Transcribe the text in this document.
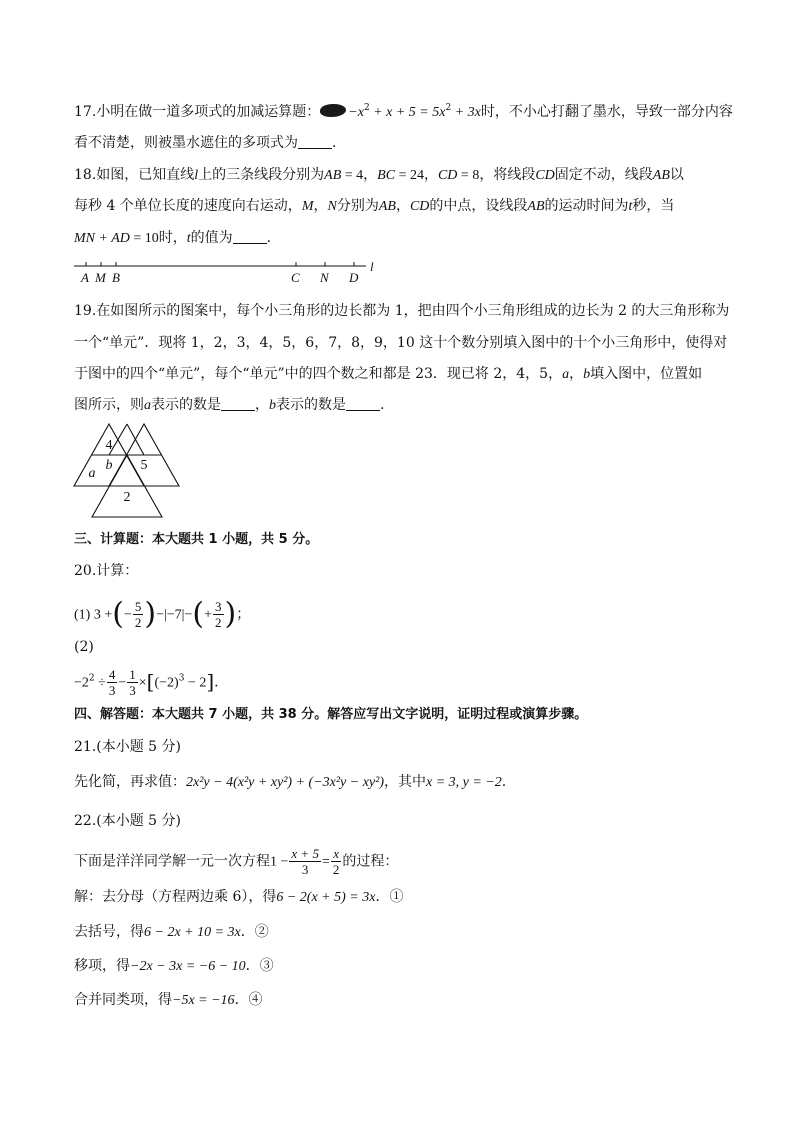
17.小明在做一道多项式的加减运算题： $-x^2 + x + 5 = 5x^2 + 3x$时，不小心打翻了墨水，导致一部分内容
看不清楚，则被墨水遮住的多项式为 .
18.如图，已知直线l上的三条线段分别为AB = 4，BC = 24，CD = 8，将线段CD固定不动，线段AB以
每秒 4 个单位长度的速度向右运动，M，N分别为AB，CD的中点，设线段AB的运动时间为t秒，当
MN + AD = 10时，t的值为 .
A M B	C N D
l
19.在如图所示的图案中，每个小三角形的边长都为 1，把由四个小三角形组成的边长为 2 的大三角形称为
一个“单元”．现将 1，2，3，4，5，6，7，8，9，10 这十个数分别填入图中的十个小三角形中，使得对
于图中的四个“单元”，每个“单元”中的四个数之和都是 23．现已将 2，4，5，a，b填入图中，位置如
图所示，则a表示的数是 ，b表示的数是 .
4
a
b 5
2
三、计算题：本大题共 1 小题，共 5 分。
20.计算：
(1) 3 +(− $\frac{5}{2} )-|-7|-(+ \frac{3}{2}$ )；
(2)
$-2^2 \div \frac{4}{3} - \frac{1}{3} \times[(-2)^3 - 2]$.
四、解答题：本大题共 7 小题，共 38 分。解答应写出文字说明，证明过程或演算步骤。
21.(本小题 5 分)
先化简，再求值：2x²y − 4(x²y + xy²) + (−3x²y − xy²)，其中x = 3, y = −2.
22.(本小题 5 分)
下面是洋洋同学解一元一次方程$1 - \frac{x + 5}{3} = \frac{x}{2}$ 的过程：
解：去分母（方程两边乘 6），得6 − 2(x + 5) = 3x．①
去括号，得6 − 2x + 10 = 3x．②
移项，得−2x − 3x = −6 − 10．③
合并同类项，得−5x = −16．④
